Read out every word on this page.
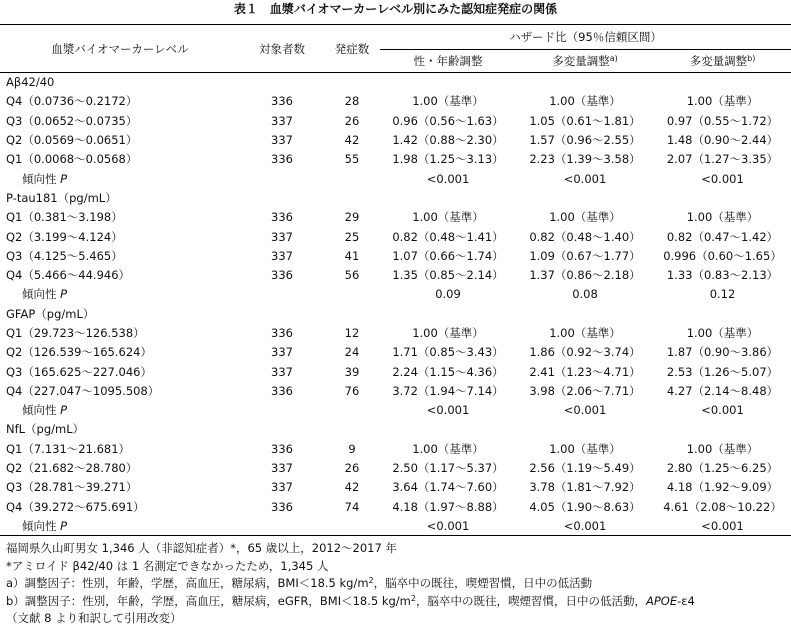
表１　血漿バイオマーカーレベル別にみた認知症発症の関係
血漿バイオマーカーレベル	対象者数	発症数	ハザード比（95％信頼区間）		
			性・年齢調整	多変量調整$^{a)}$	多変量調整$^{b)}$
Aβ42/40					
Q4（0.0736～0.2172）	336	28	1.00（基準）	1.00（基準）	1.00（基準）
Q3（0.0652～0.0735）	337	26	0.96（0.56～1.63）	1.05（0.61～1.81）	0.97（0.55～1.72）
Q2（0.0569～0.0651）	337	42	1.42（0.88～2.30）	1.57（0.96～2.55）	1.48（0.90～2.44）
Q1（0.0068～0.0568）	336	55	1.98（1.25～3.13）	2.23（1.39～3.58）	2.07（1.27～3.35）
傾向性 P			<0.001	<0.001	<0.001
P-tau181（pg/mL）					
Q1（0.381～3.198）	336	29	1.00（基準）	1.00（基準）	1.00（基準）
Q2（3.199～4.124）	337	25	0.82（0.48～1.41）	0.82（0.48～1.40）	0.82（0.47～1.42）
Q3（4.125～5.465）	337	41	1.07（0.66～1.74）	1.09（0.67～1.77）	0.996（0.60～1.65）
Q4（5.466～44.946）	336	56	1.35（0.85～2.14）	1.37（0.86～2.18）	1.33（0.83～2.13）
傾向性 P			0.09	0.08	0.12
GFAP（pg/mL）					
Q1（29.723～126.538）	336	12	1.00（基準）	1.00（基準）	1.00（基準）
Q2（126.539～165.624）	337	24	1.71（0.85～3.43）	1.86（0.92～3.74）	1.87（0.90～3.86）
Q3（165.625～227.046）	337	39	2.24（1.15～4.36）	2.41（1.23～4.71）	2.53（1.26～5.07）
Q4（227.047～1095.508）	336	76	3.72（1.94～7.14）	3.98（2.06～7.71）	4.27（2.14～8.48）
傾向性 P			<0.001	<0.001	<0.001
NfL（pg/mL）					
Q1（7.131～21.681）	336	9	1.00（基準）	1.00（基準）	1.00（基準）
Q2（21.682～28.780）	337	26	2.50（1.17～5.37）	2.56（1.19～5.49）	2.80（1.25～6.25）
Q3（28.781～39.271）	337	42	3.64（1.74～7.60）	3.78（1.81～7.92）	4.18（1.92～9.09）
Q4（39.272～675.691）	336	74	4.18（1.97～8.88）	4.05（1.90～8.63）	4.61（2.08～10.22）
傾向性 P			<0.001	<0.001	<0.001
福岡県久山町男女 1,346 人（非認知症者）*，65 歳以上，2012～2017 年
*アミロイド β42/40 は 1 名測定できなかったため，1,345 人
a）調整因子：性別，年齢，学歴，高血圧，糖尿病，BMI＜18.5 $kg/m^2$，脳卒中の既往，喫煙習慣，日中の低活動
b）調整因子：性別，年齢，学歴，高血圧，糖尿病，eGFR，BMI＜18.5 $kg/m^2$，脳卒中の既往，喫煙習慣，日中の低活動，APOE-ε4
（文献 8 より和訳して引用改変）
